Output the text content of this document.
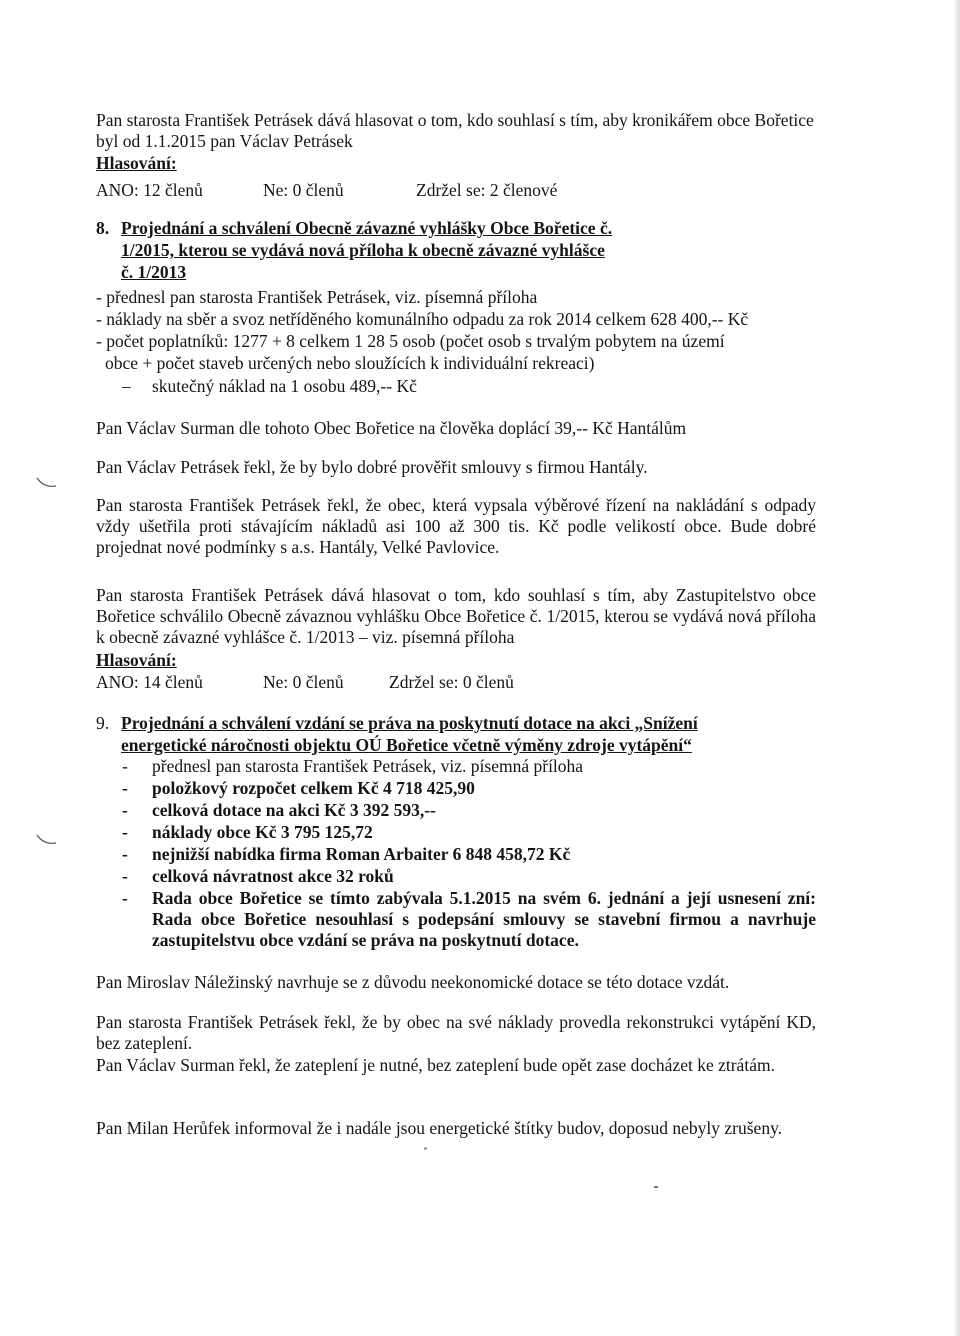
Pan starosta František Petrásek dává hlasovat o tom, kdo souhlasí s tím, aby kronikářem obce Bořetice byl od 1.1.2015 pan Václav Petrásek

Hlasování:
ANO: 12 členů	Ne: 0 členů	Zdržel se: 2 členové
8. Projednání a schválení Obecně závazné vyhlášky Obce Bořetice č.
1/2015, kterou se vydává nová příloha k obecně závazné vyhlášce
č. 1/2013
- přednesl pan starosta František Petrásek, viz. písemná příloha
- náklady na sběr a svoz netříděného komunálního odpadu za rok 2014 celkem 628 400,-- Kč
- počet poplatníků: 1277 + 8 celkem 1 28 5 osob (počet osob s trvalým pobytem na území
obce + počet staveb určených nebo sloužících k individuální rekreaci)
– skutečný náklad na 1 osobu 489,-- Kč

Pan Václav Surman dle tohoto Obec Bořetice na člověka doplácí 39,-- Kč Hantálům

Pan Václav Petrásek řekl, že by bylo dobré prověřit smlouvy s firmou Hantály.

Pan starosta František Petrásek řekl, že obec, která vypsala výběrové řízení na nakládání s odpady vždy ušetřila proti stávajícím nákladů asi 100 až 300 tis. Kč podle velikostí obce. Bude dobré projednat nové podmínky s a.s. Hantály, Velké Pavlovice.

Pan starosta František Petrásek dává hlasovat o tom, kdo souhlasí s tím, aby Zastupitelstvo obce Bořetice schválilo Obecně závaznou vyhlášku Obce Bořetice č. 1/2015, kterou se vydává nová příloha k obecně závazné vyhlášce č. 1/2013 – viz. písemná příloha

Hlasování:
ANO: 14 členů	Ne: 0 členů	Zdržel se: 0 členů
9. Projednání a schválení vzdání se práva na poskytnutí dotace na akci „Snížení
energetické náročnosti objektu OÚ Bořetice včetně výměny zdroje vytápění“
- přednesl pan starosta František Petrásek, viz. písemná příloha
- položkový rozpočet celkem Kč 4 718 425,90
- celková dotace na akci Kč 3 392 593,--
- náklady obce Kč 3 795 125,72
- nejnižší nabídka firma Roman Arbaiter 6 848 458,72 Kč
- celková návratnost akce 32 roků
- Rada obce Bořetice se tímto zabývala 5.1.2015 na svém 6. jednání a její usnesení zní: Rada obce Bořetice nesouhlasí s podepsání smlouvy se stavební firmou a navrhuje zastupitelstvu obce vzdání se práva na poskytnutí dotace.

Pan Miroslav Náležinský navrhuje se z důvodu neekonomické dotace se této dotace vzdát.

Pan starosta František Petrásek řekl, že by obec na své náklady provedla rekonstrukci vytápění KD, bez zateplení.

Pan Václav Surman řekl, že zateplení je nutné, bez zateplení bude opět zase docházet ke ztrátám.

Pan Milan Herůfek informoval že i nadále jsou energetické štítky budov, doposud nebyly zrušeny.
